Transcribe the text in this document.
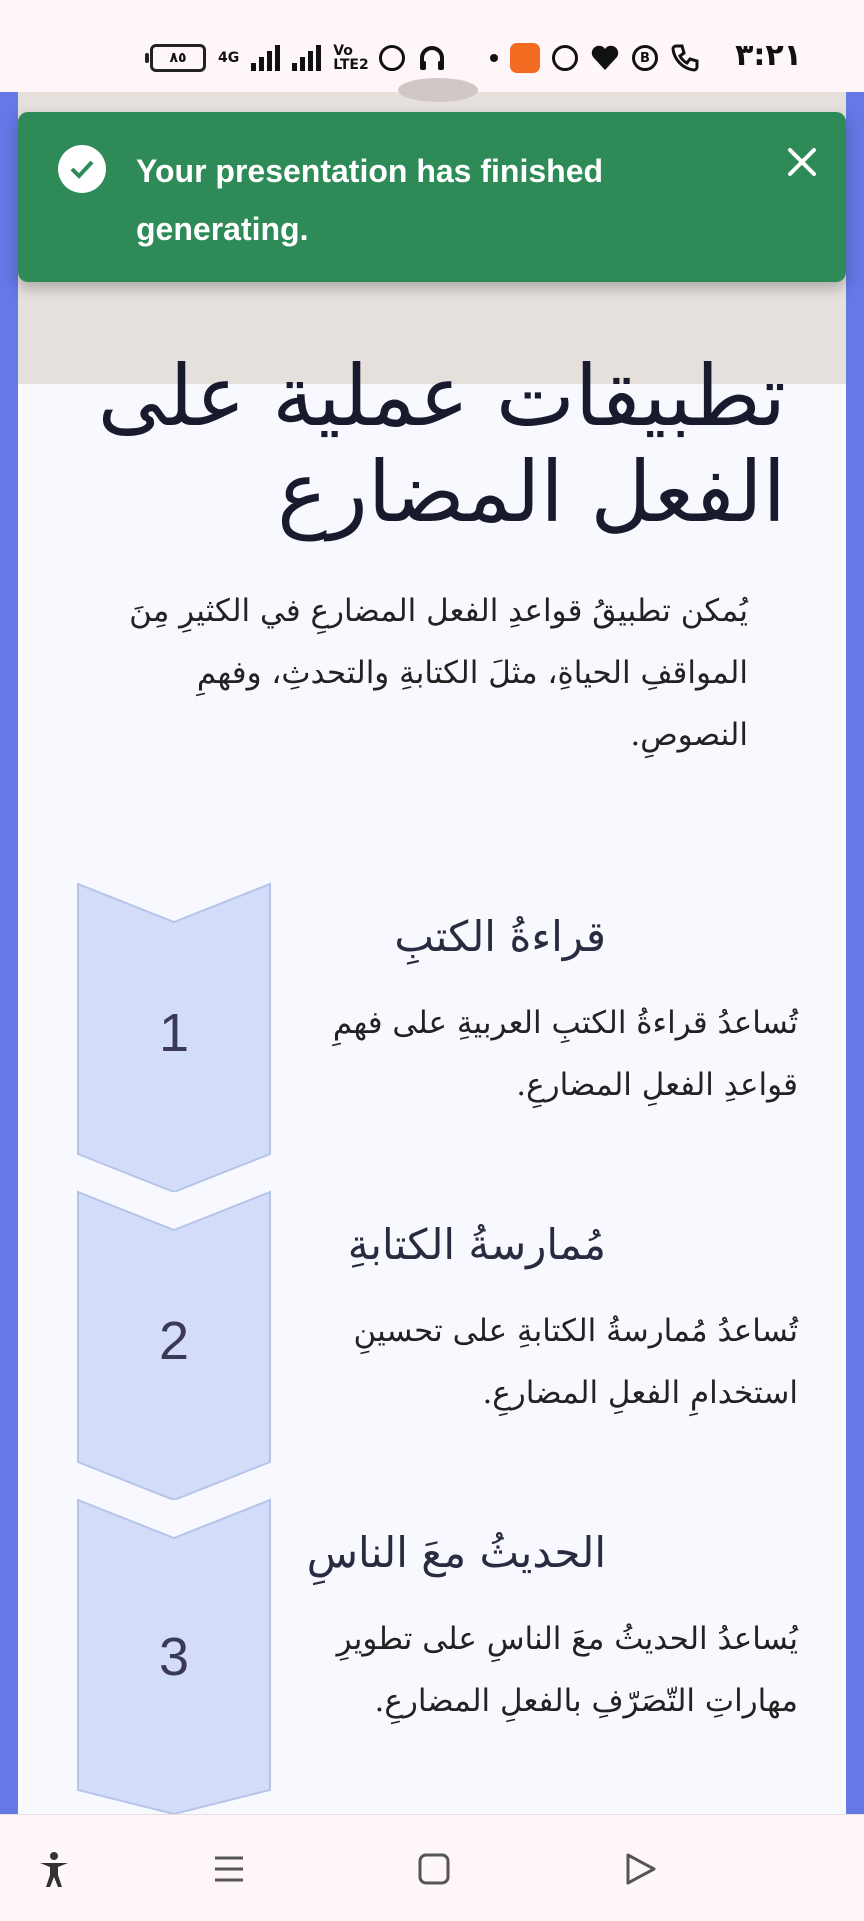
٨٥ 4G	Vo LTE2	B	٣:٢١
تطبيقات عملية على الفعل المضارع
يُمكن تطبيقُ قواعدِ الفعل المضارعِ في الكثيرِ مِنَ المواقفِ الحياةِ، مثلَ الكتابةِ والتحدثِ، وفهمِ النصوصِ.
1
قراءةُ الكتبِ
تُساعدُ قراءةُ الكتبِ العربيةِ على فهمِ قواعدِ الفعلِ المضارعِ.
2
مُمارسةُ الكتابةِ
تُساعدُ مُمارسةُ الكتابةِ على تحسينِ استخدامِ الفعلِ المضارعِ.
3
الحديثُ معَ الناسِ
يُساعدُ الحديثُ معَ الناسِ على تطويرِ مهاراتِ التّصَرّفِ بالفعلِ المضارعِ.
Your presentation has finished generating.
